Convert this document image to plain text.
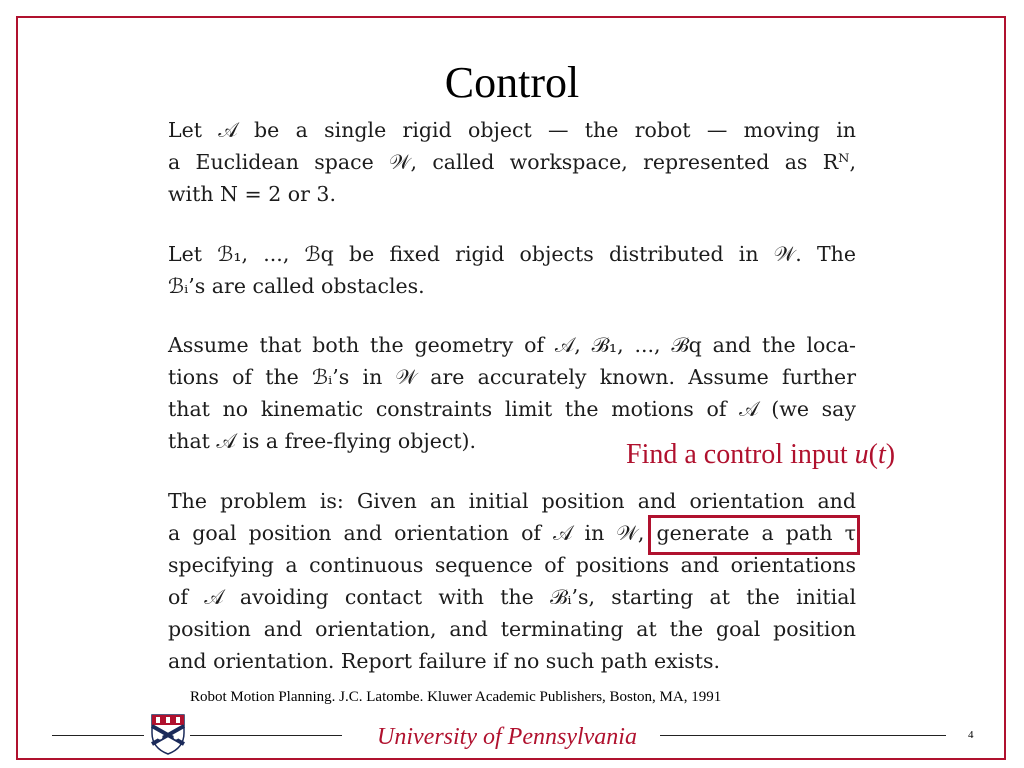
Control
Let 𝒜 be a single rigid object — the robot — moving in
a Euclidean space 𝒲, called workspace, represented as Rᴺ,
with N = 2 or 3.
Let ℬ₁, ..., ℬq be fixed rigid objects distributed in 𝒲. The
ℬᵢ’s are called obstacles.
Assume that both the geometry of 𝒜, ℬ₁, ..., ℬq and the loca-
tions of the ℬᵢ’s in 𝒲 are accurately known. Assume further
that no kinematic constraints limit the motions of 𝒜 (we say
that 𝒜 is a free-flying object).
The problem is: Given an initial position and orientation and
a goal position and orientation of 𝒜 in 𝒲, generate a path τ
specifying a continuous sequence of positions and orientations
of 𝒜 avoiding contact with the ℬᵢ’s, starting at the initial
position and orientation, and terminating at the goal position
and orientation. Report failure if no such path exists.
Find a control input u(t)
Robot Motion Planning. J.C. Latombe. Kluwer Academic Publishers, Boston, MA, 1991
University of Pennsylvania	4
